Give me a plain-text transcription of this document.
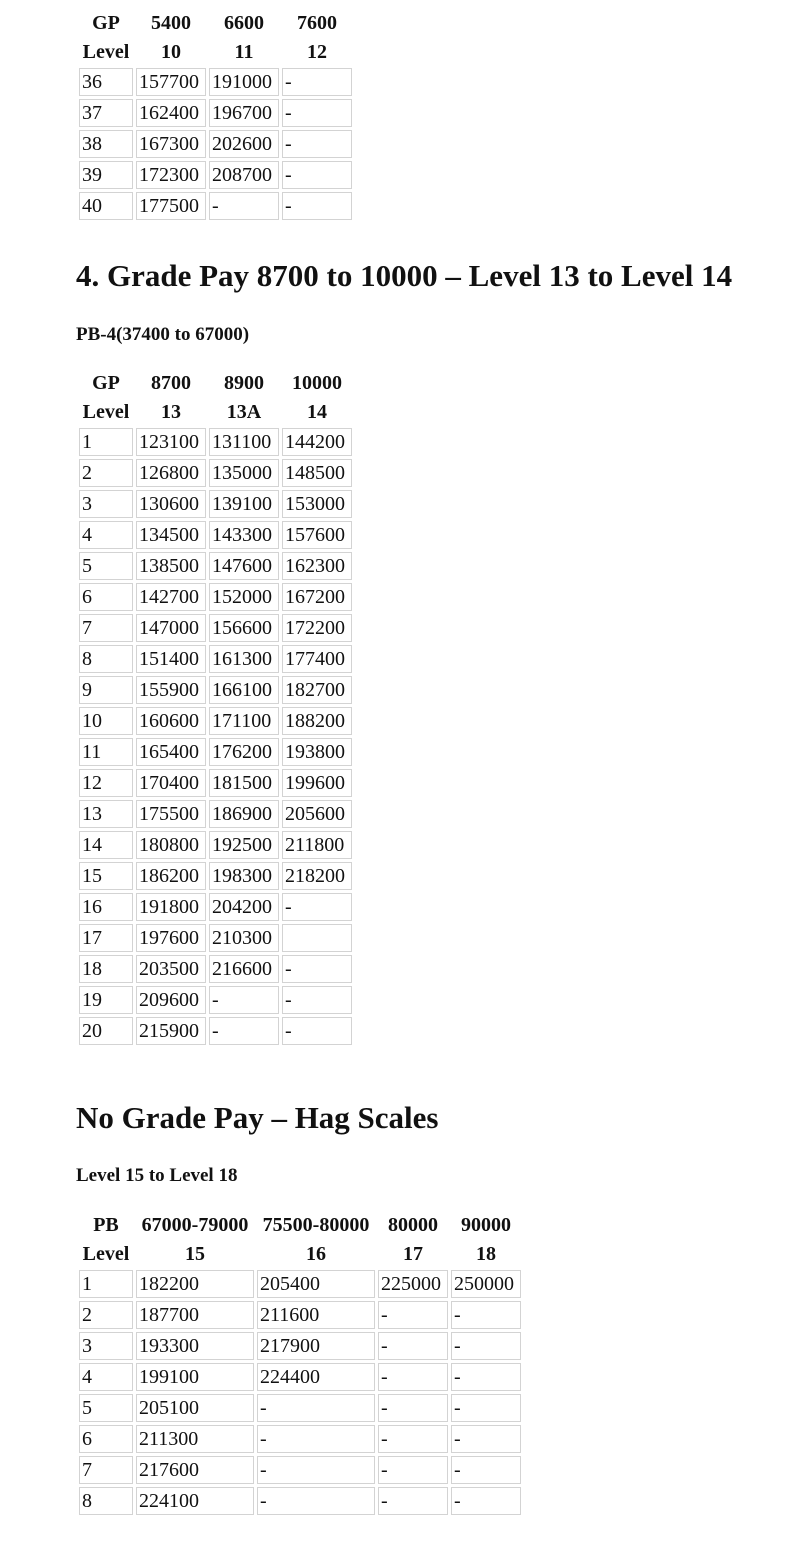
GP	5400	6600	7600
Level	10	11	12
36	157700	191000	-
37	162400	196700	-
38	167300	202600	-
39	172300	208700	-
40	177500	-	-
4. Grade Pay 8700 to 10000 – Level 13 to Level 14

PB-4(37400 to 67000)

GP	8700	8900	10000
Level	13	13A	14
1	123100	131100	144200
2	126800	135000	148500
3	130600	139100	153000
4	134500	143300	157600
5	138500	147600	162300
6	142700	152000	167200
7	147000	156600	172200
8	151400	161300	177400
9	155900	166100	182700
10	160600	171100	188200
11	165400	176200	193800
12	170400	181500	199600
13	175500	186900	205600
14	180800	192500	211800
15	186200	198300	218200
16	191800	204200	-
17	197600	210300	
18	203500	216600	-
19	209600	-	-
20	215900	-	-
No Grade Pay – Hag Scales

Level 15 to Level 18

PB	67000-79000	75500-80000	80000	90000
Level	15	16	17	18
1	182200	205400	225000	250000
2	187700	211600	-	-
3	193300	217900	-	-
4	199100	224400	-	-
5	205100	-	-	-
6	211300	-	-	-
7	217600	-	-	-
8	224100	-	-	-
